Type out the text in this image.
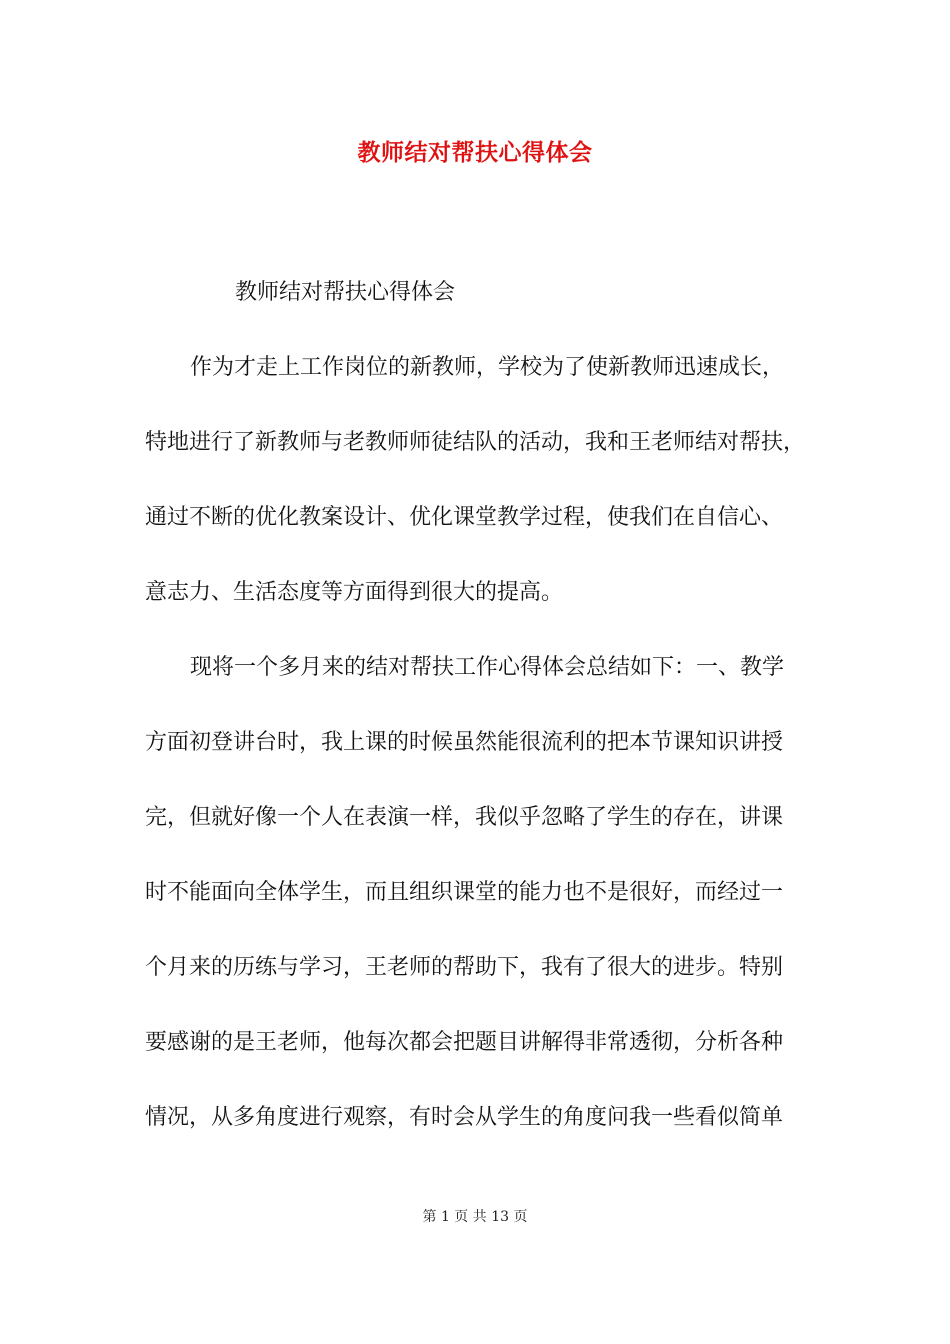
教师结对帮扶心得体会
教师结对帮扶心得体会
作为才走上工作岗位的新教师，学校为了使新教师迅速成长，
特地进行了新教师与老教师师徒结队的活动，我和王老师结对帮扶，
通过不断的优化教案设计、优化课堂教学过程，使我们在自信心、
意志力、生活态度等方面得到很大的提高。
现将一个多月来的结对帮扶工作心得体会总结如下：一、教学
方面初登讲台时，我上课的时候虽然能很流利的把本节课知识讲授
完，但就好像一个人在表演一样，我似乎忽略了学生的存在，讲课
时不能面向全体学生，而且组织课堂的能力也不是很好，而经过一
个月来的历练与学习，王老师的帮助下，我有了很大的进步。特别
要感谢的是王老师，他每次都会把题目讲解得非常透彻，分析各种
情况，从多角度进行观察，有时会从学生的角度问我一些看似简单
第 1 页 共 13 页
